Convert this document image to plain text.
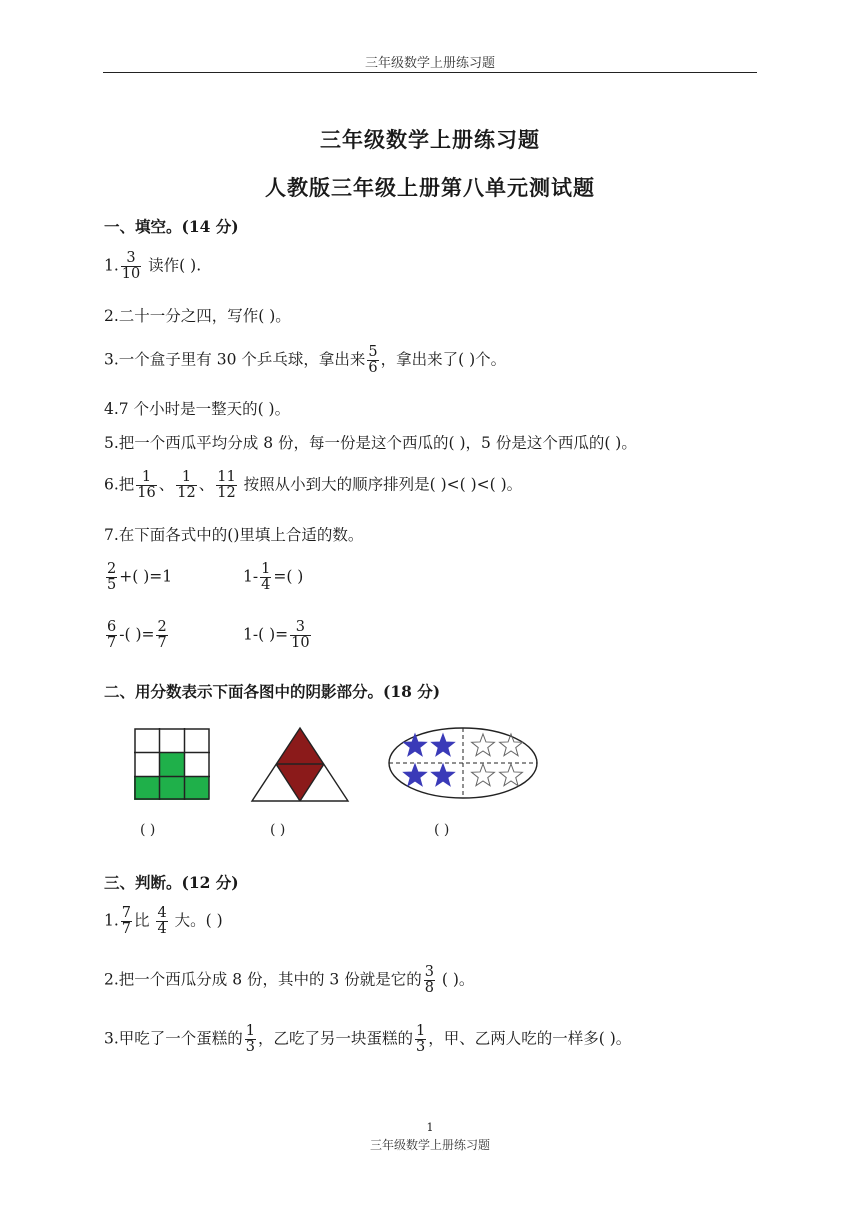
三年级数学上册练习题
三年级数学上册练习题
人教版三年级上册第八单元测试题
一、填空。(14 分)
1. $\frac{3}{10}$ 读作( ).
2.二十一分之四，写作( )。
3.一个盒子里有 30 个乒乓球，拿出来 $\frac{5}{6}$ ，拿出来了( )个。
4.7 个小时是一整天的( )。
5.把一个西瓜平均分成 8 份，每一份是这个西瓜的( )，5 份是这个西瓜的( )。
6.把 $\frac{1}{16}$ 、 $\frac{1}{12}$ 、 $\frac{11}{12}$ 按照从小到大的顺序排列是( )<( )<( )。
7.在下面各式中的()里填上合适的数。
$\frac{2}{5}$ +( )=1	$1- \frac{1}{4}$ =( )
$\frac{6}{7}$ -( )= $\frac{2}{7}$	1-( )= $\frac{3}{10}$
二、用分数表示下面各图中的阴影部分。(18 分)
( )	( )	( )
三、判断。(12 分)
1. $\frac{7}{7}$ 比 $\frac{4}{4}$ 大。( )
2.把一个西瓜分成 8 份，其中的 3 份就是它的 $\frac{3}{8}$ ( )。
3.甲吃了一个蛋糕的 $\frac{1}{3}$ ，乙吃了另一块蛋糕的 $\frac{1}{3}$ ，甲、乙两人吃的一样多( )。
1
三年级数学上册练习题
